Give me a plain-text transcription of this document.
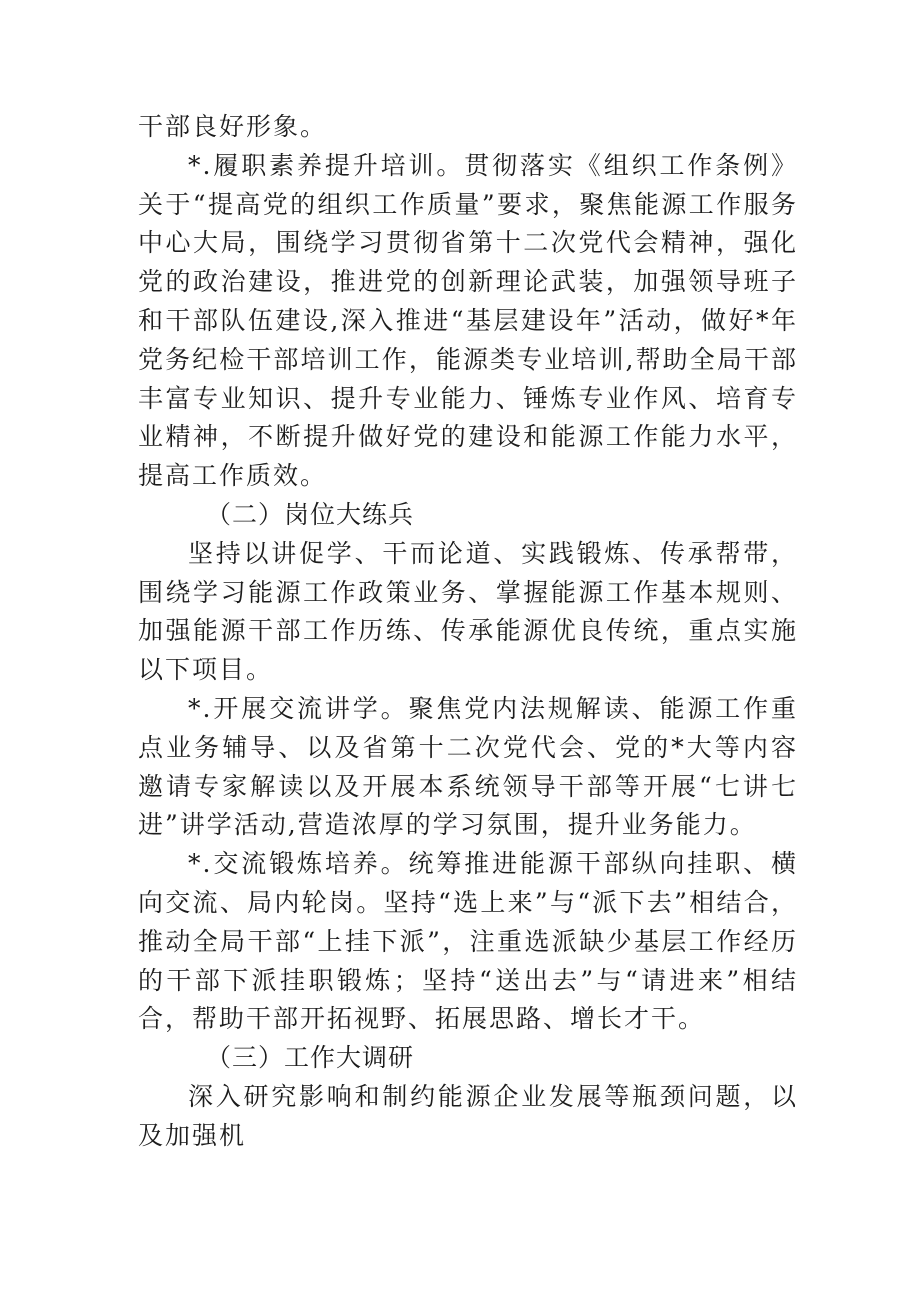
干部良好形象。

*.履职素养提升培训。贯彻落实《组织工作条例》关于“提高党的组织工作质量”要求，聚焦能源工作服务中心大局，围绕学习贯彻省第十二次党代会精神，强化党的政治建设，推进党的创新理论武装，加强领导班子和干部队伍建设,深入推进“基层建设年”活动，做好*年党务纪检干部培训工作，能源类专业培训,帮助全局干部丰富专业知识、提升专业能力、锤炼专业作风、培育专业精神，不断提升做好党的建设和能源工作能力水平，提高工作质效。

（二）岗位大练兵

坚持以讲促学、干而论道、实践锻炼、传承帮带，围绕学习能源工作政策业务、掌握能源工作基本规则、加强能源干部工作历练、传承能源优良传统，重点实施以下项目。

*.开展交流讲学。聚焦党内法规解读、能源工作重点业务辅导、以及省第十二次党代会、党的*大等内容邀请专家解读以及开展本系统领导干部等开展“七讲七进”讲学活动,营造浓厚的学习氛围，提升业务能力。

*.交流锻炼培养。统筹推进能源干部纵向挂职、横向交流、局内轮岗。坚持“选上来”与“派下去”相结合，推动全局干部“上挂下派”，注重选派缺少基层工作经历的干部下派挂职锻炼；坚持“送出去”与“请进来”相结合，帮助干部开拓视野、拓展思路、增长才干。

（三）工作大调研

深入研究影响和制约能源企业发展等瓶颈问题，以及加强机
